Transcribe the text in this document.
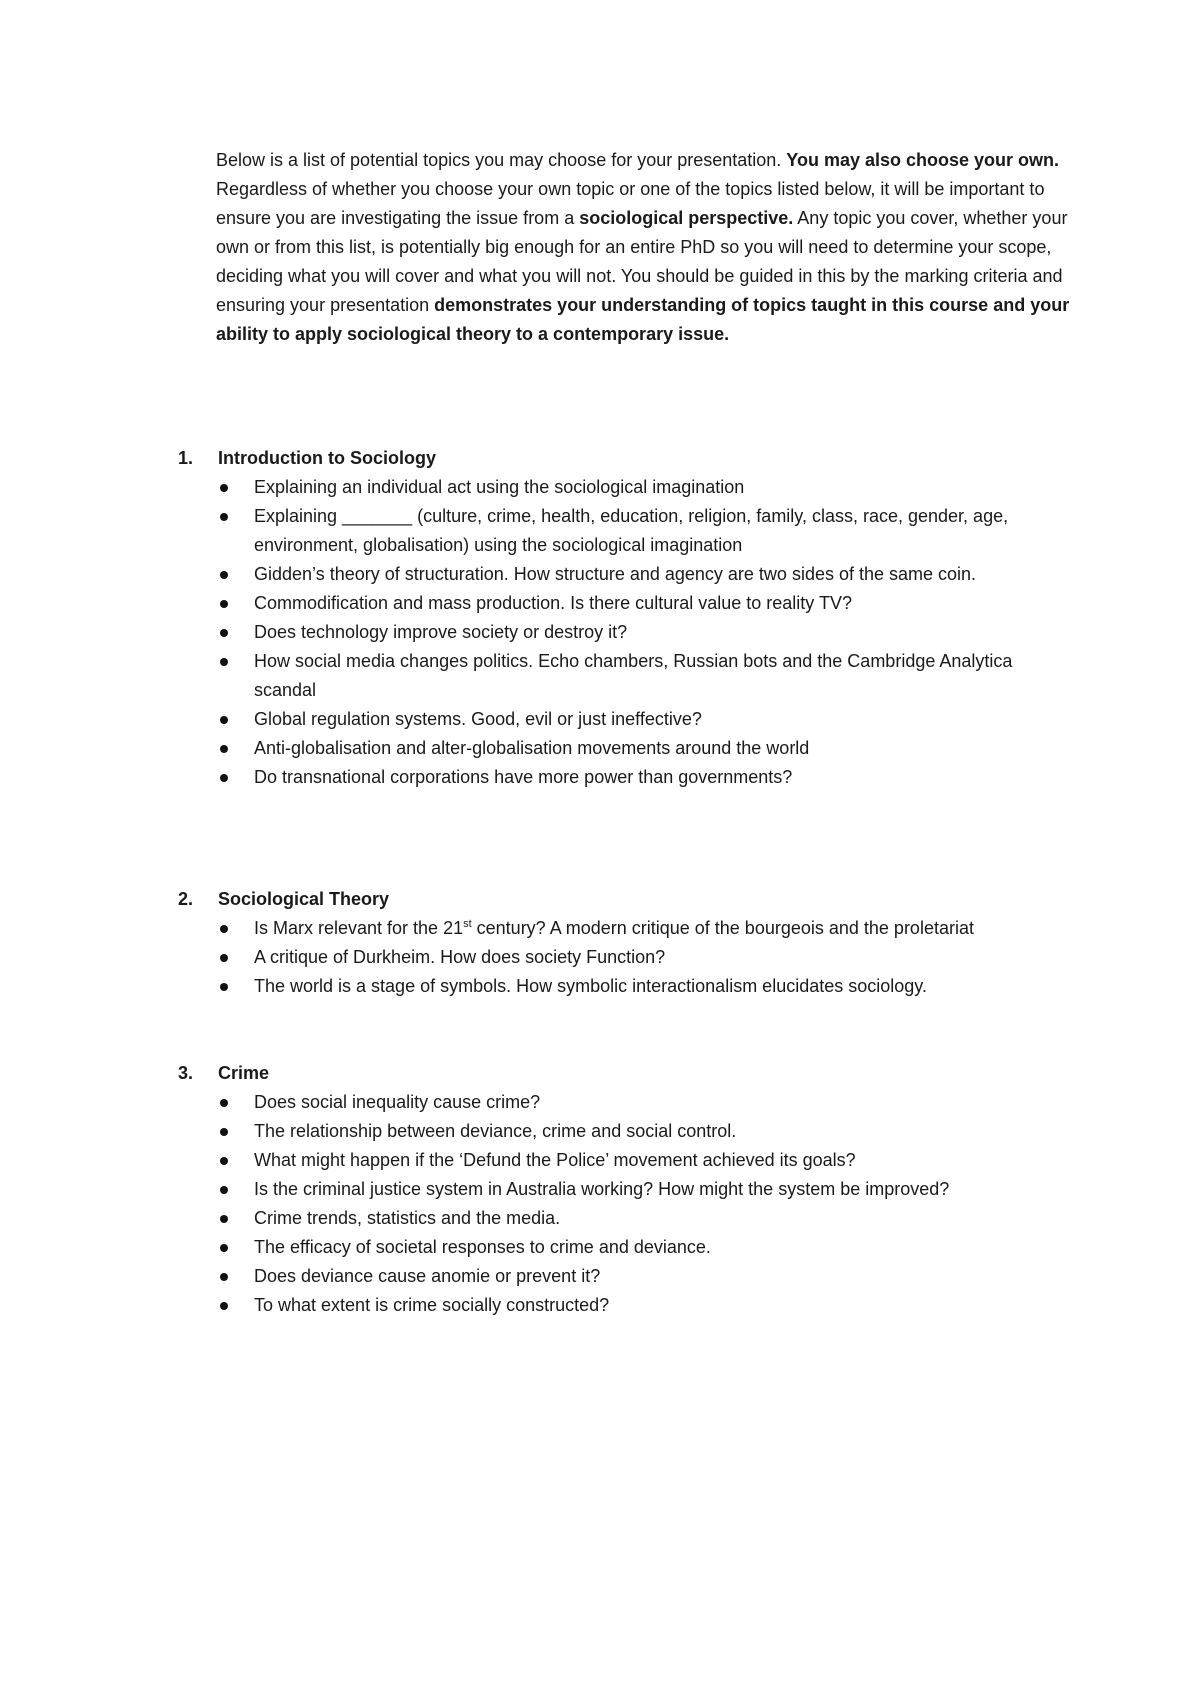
Below is a list of potential topics you may choose for your presentation. You may also choose your own. Regardless of whether you choose your own topic or one of the topics listed below, it will be important to ensure you are investigating the issue from a sociological perspective. Any topic you cover, whether your own or from this list, is potentially big enough for an entire PhD so you will need to determine your scope, deciding what you will cover and what you will not. You should be guided in this by the marking criteria and ensuring your presentation demonstrates your understanding of topics taught in this course and your ability to apply sociological theory to a contemporary issue.

1.	Introduction to Sociology
Explaining an individual act using the sociological imagination
Explaining _______ (culture, crime, health, education, religion, family, class, race, gender, age, environment, globalisation) using the sociological imagination
Gidden’s theory of structuration. How structure and agency are two sides of the same coin.
Commodification and mass production. Is there cultural value to reality TV?
Does technology improve society or destroy it?
How social media changes politics. Echo chambers, Russian bots and the Cambridge Analytica scandal
Global regulation systems. Good, evil or just ineffective?
Anti-globalisation and alter-globalisation movements around the world
Do transnational corporations have more power than governments?
2.	Sociological Theory
Is Marx relevant for the 21st century? A modern critique of the bourgeois and the proletariat
A critique of Durkheim. How does society Function?
The world is a stage of symbols. How symbolic interactionalism elucidates sociology.
3.	Crime
Does social inequality cause crime?
The relationship between deviance, crime and social control.
What might happen if the ‘Defund the Police’ movement achieved its goals?
Is the criminal justice system in Australia working? How might the system be improved?
Crime trends, statistics and the media.
The efficacy of societal responses to crime and deviance.
Does deviance cause anomie or prevent it?
To what extent is crime socially constructed?
